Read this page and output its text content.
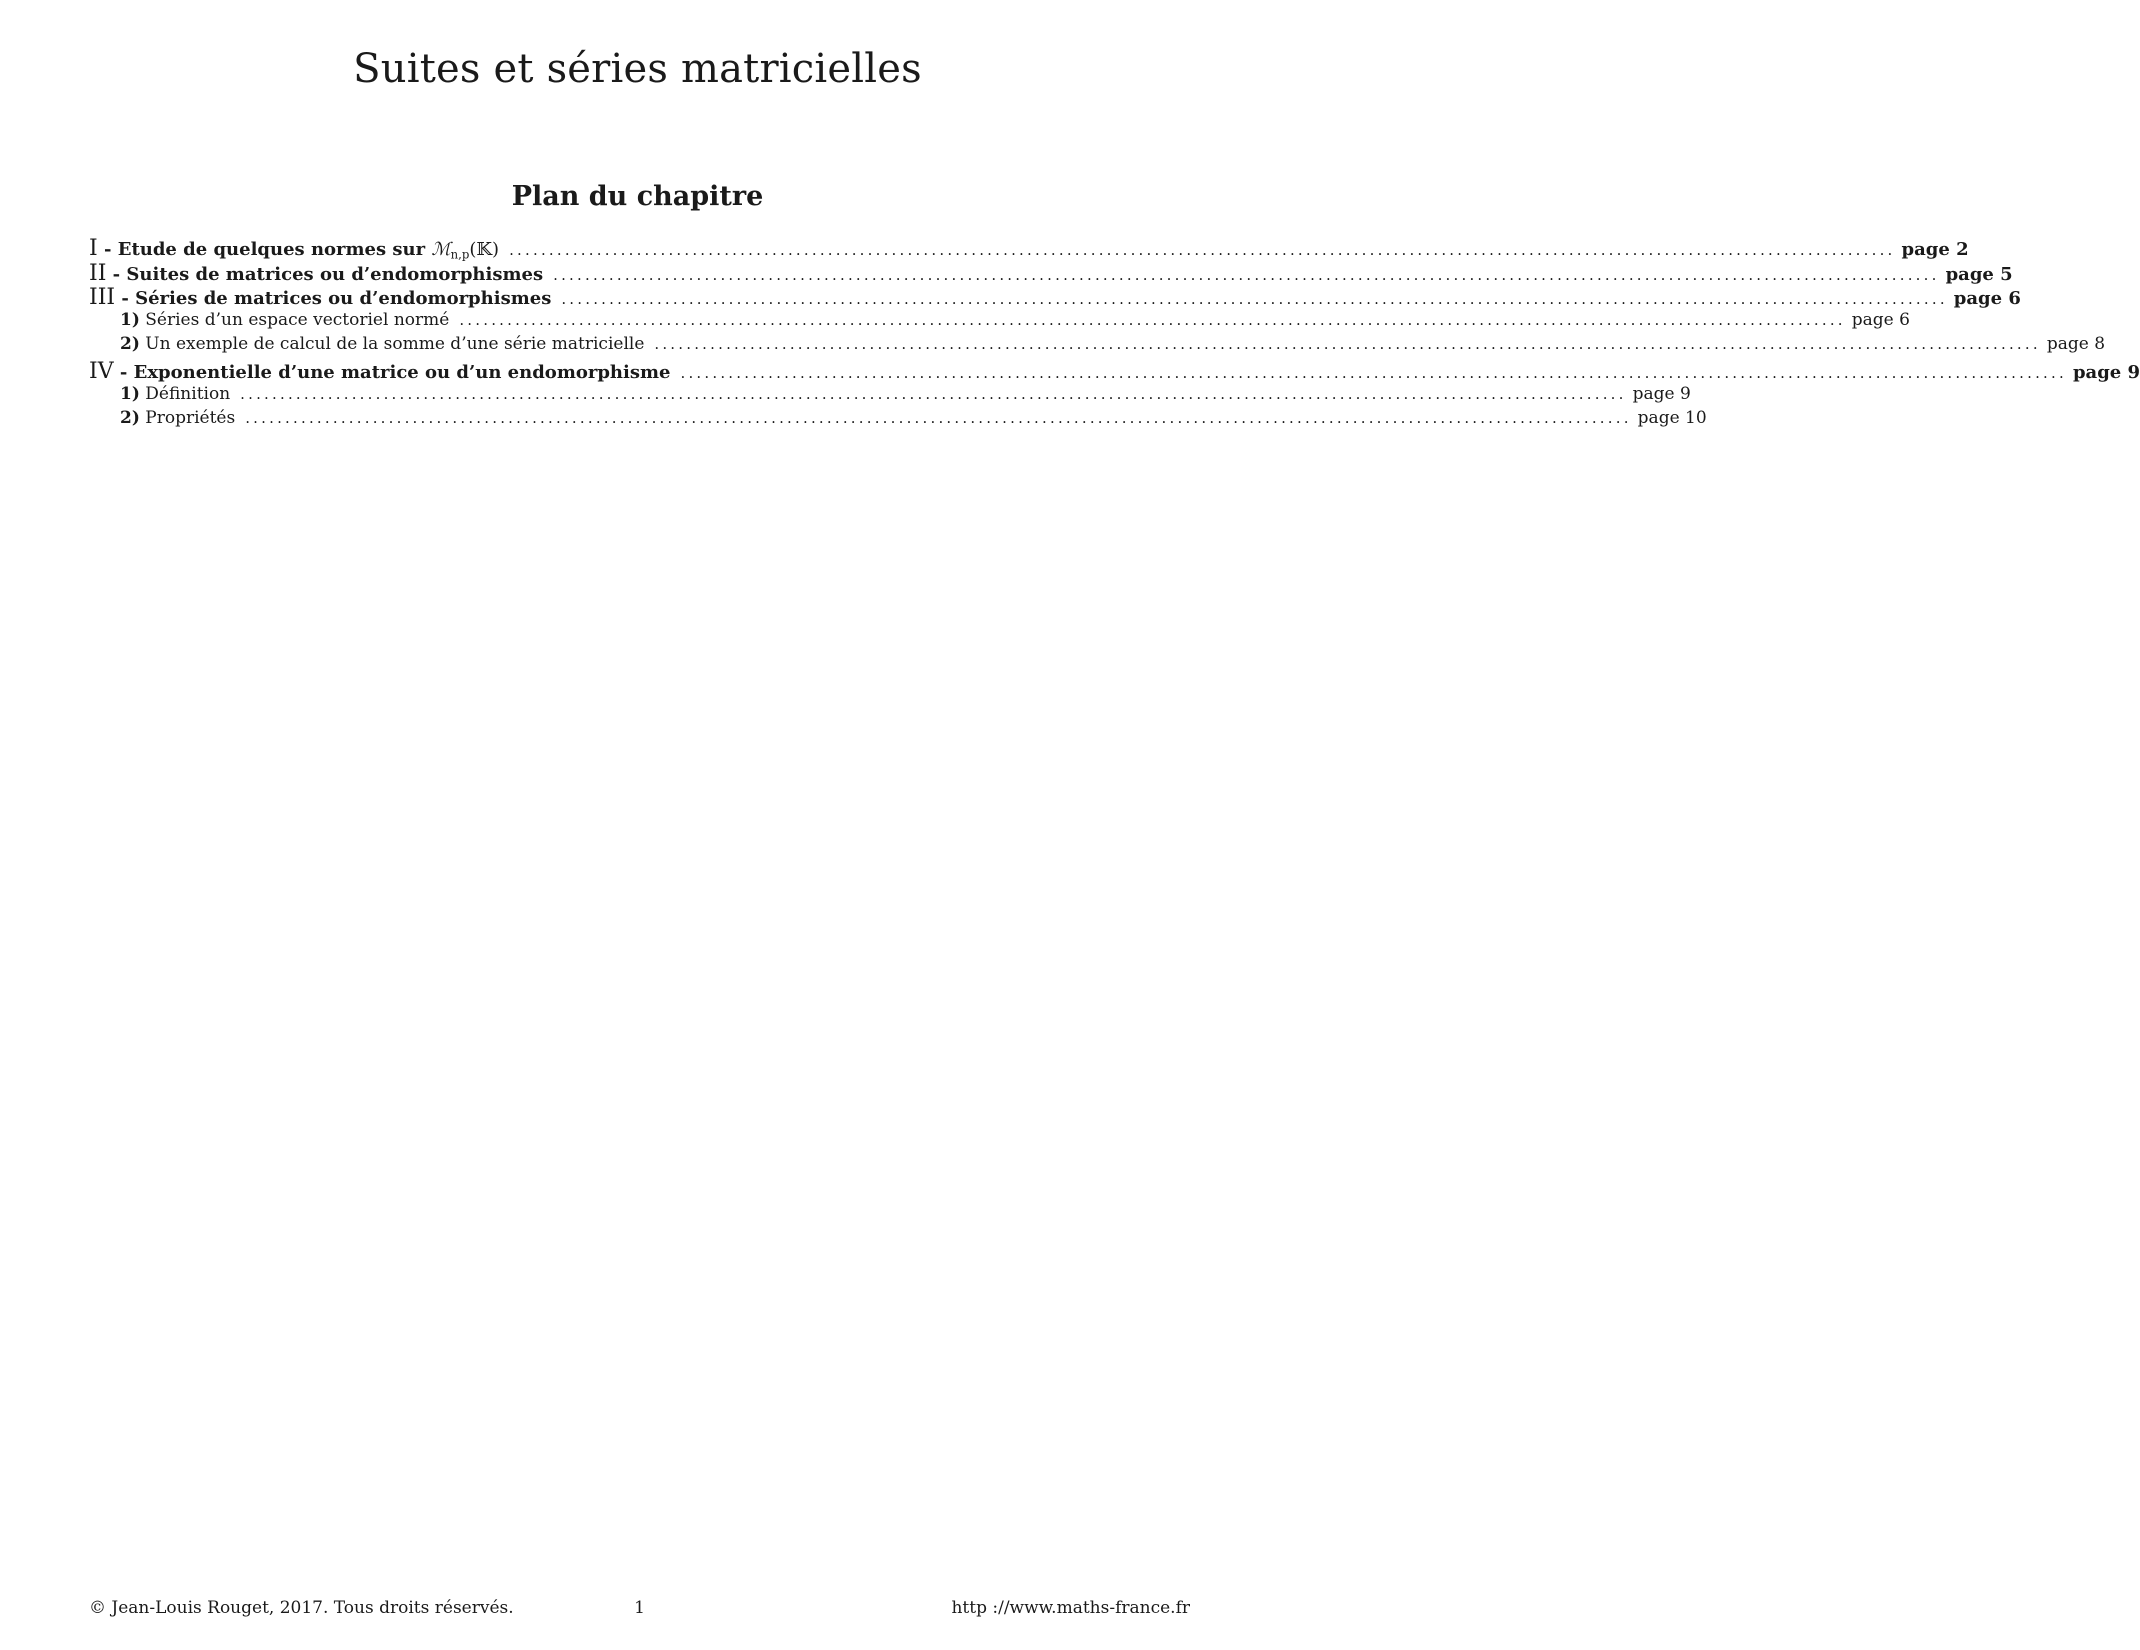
Suites et séries matricielles
Plan du chapitre
I - Etude de quelques normes sur ℳ$_{n,p}$(𝕂) .............................................................................................................................................................................. page 2
II - Suites de matrices ou d’endomorphismes .............................................................................................................................................................................. page 5
III - Séries de matrices ou d’endomorphismes .............................................................................................................................................................................. page 6
1)
Séries d’un espace vectoriel normé .............................................................................................................................................................................. page 6
2)
Un exemple de calcul de la somme d’une série matricielle .............................................................................................................................................................................. page 8
IV - Exponentielle d’une matrice ou d’un endomorphisme .............................................................................................................................................................................. page 9
1)
Définition .............................................................................................................................................................................. page 9
2)
Propriétés .............................................................................................................................................................................. page 10
© Jean-Louis Rouget, 2017. Tous droits réservés.	1	http ://www.maths-france.fr
